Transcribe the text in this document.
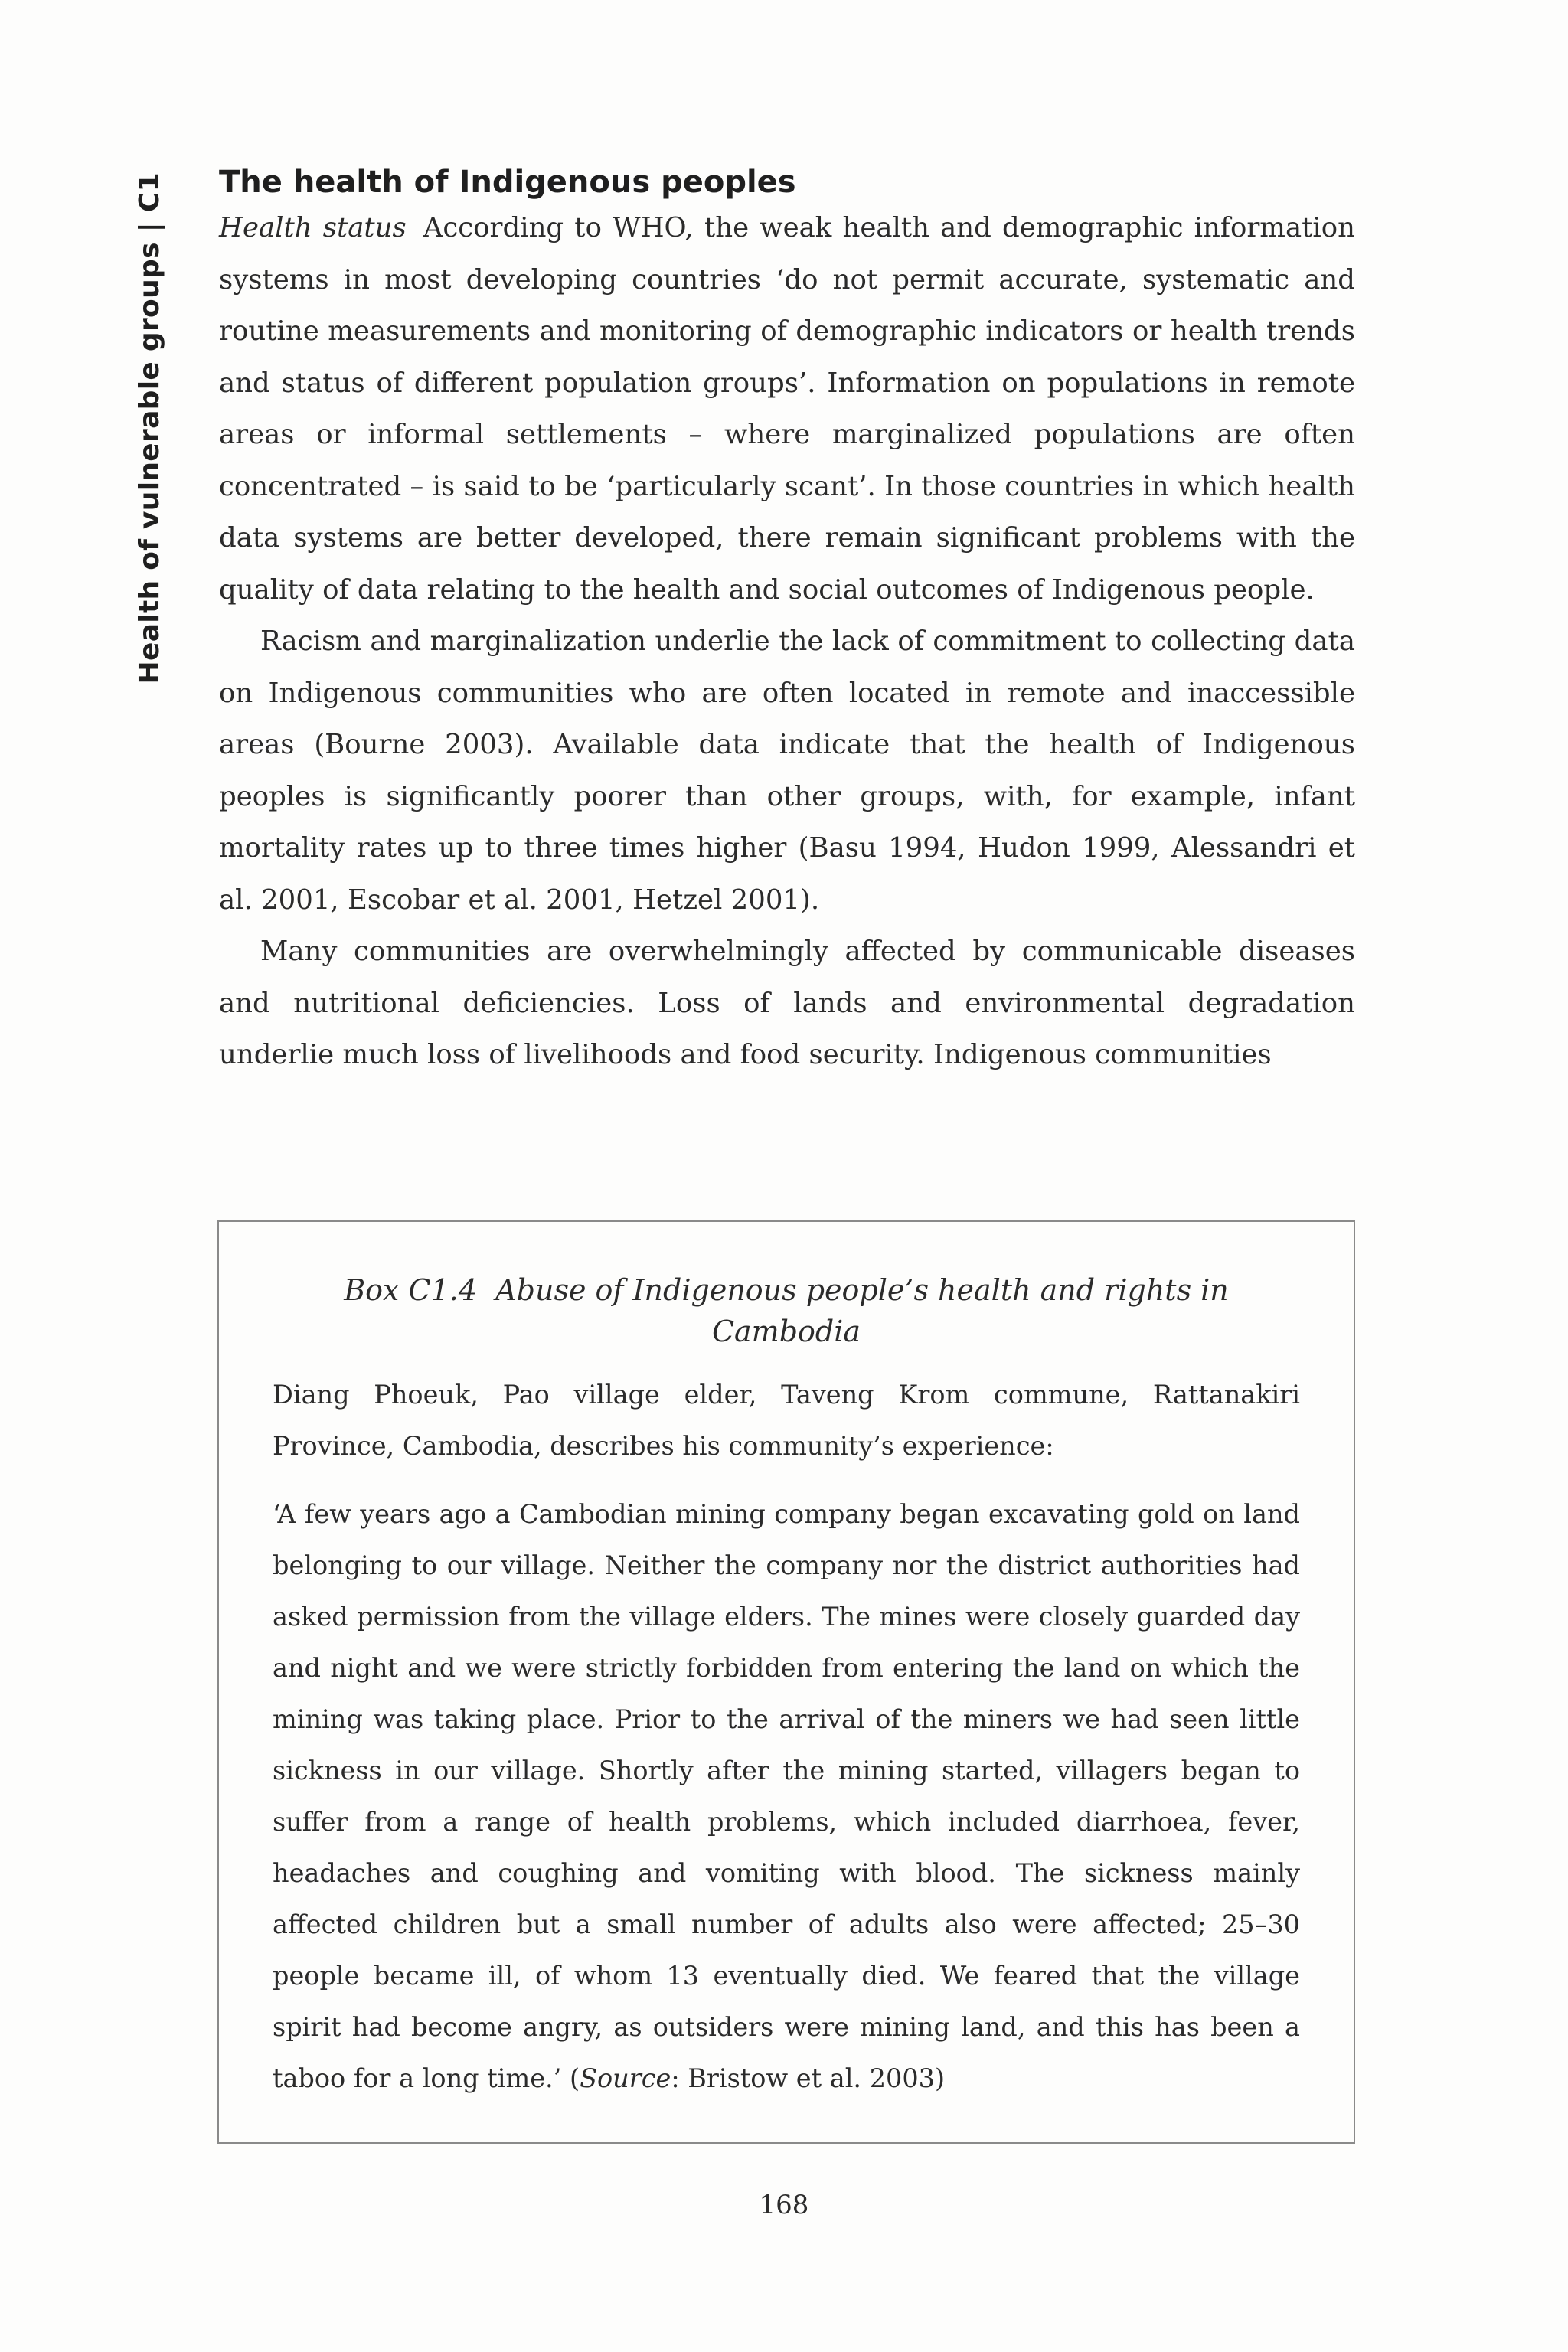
Health of vulnerable groups | C1 The health of Indigenous peoples

Health status According to WHO, the weak health and demographic information systems in most developing countries ‘do not permit accurate, systematic and routine measurements and monitoring of demographic indicators or health trends and status of different population groups’. Information on populations in remote areas or informal settlements – where marginalized populations are often concentrated – is said to be ‘particularly scant’. In those countries in which health data systems are better developed, there remain significant problems with the quality of data relating to the health and social outcomes of Indigenous people.

Racism and marginalization underlie the lack of commitment to collecting data on Indigenous communities who are often located in remote and inaccessible areas (Bourne 2003). Available data indicate that the health of Indigenous peoples is significantly poorer than other groups, with, for example, infant mortality rates up to three times higher (Basu 1994, Hudon 1999, Alessandri et al. 2001, Escobar et al. 2001, Hetzel 2001).

Many communities are overwhelmingly affected by communicable diseases and nutritional deficiencies. Loss of lands and environmental degradation underlie much loss of livelihoods and food security. Indigenous communities

Box C1.4 Abuse of Indigenous people’s health and rights in Cambodia

Diang Phoeuk, Pao village elder, Taveng Krom commune, Rattanakiri Province, Cambodia, describes his community’s experience:

‘A few years ago a Cambodian mining company began excavating gold on land belonging to our village. Neither the company nor the district authorities had asked permission from the village elders. The mines were closely guarded day and night and we were strictly forbidden from entering the land on which the mining was taking place. Prior to the arrival of the miners we had seen little sickness in our village. Shortly after the mining started, villagers began to suffer from a range of health problems, which included diarrhoea, fever, headaches and coughing and vomiting with blood. The sickness mainly affected children but a small number of adults also were affected; 25–30 people became ill, of whom 13 eventually died. We feared that the village spirit had become angry, as outsiders were mining land, and this has been a taboo for a long time.’ (Source: Bristow et al. 2003)

168
